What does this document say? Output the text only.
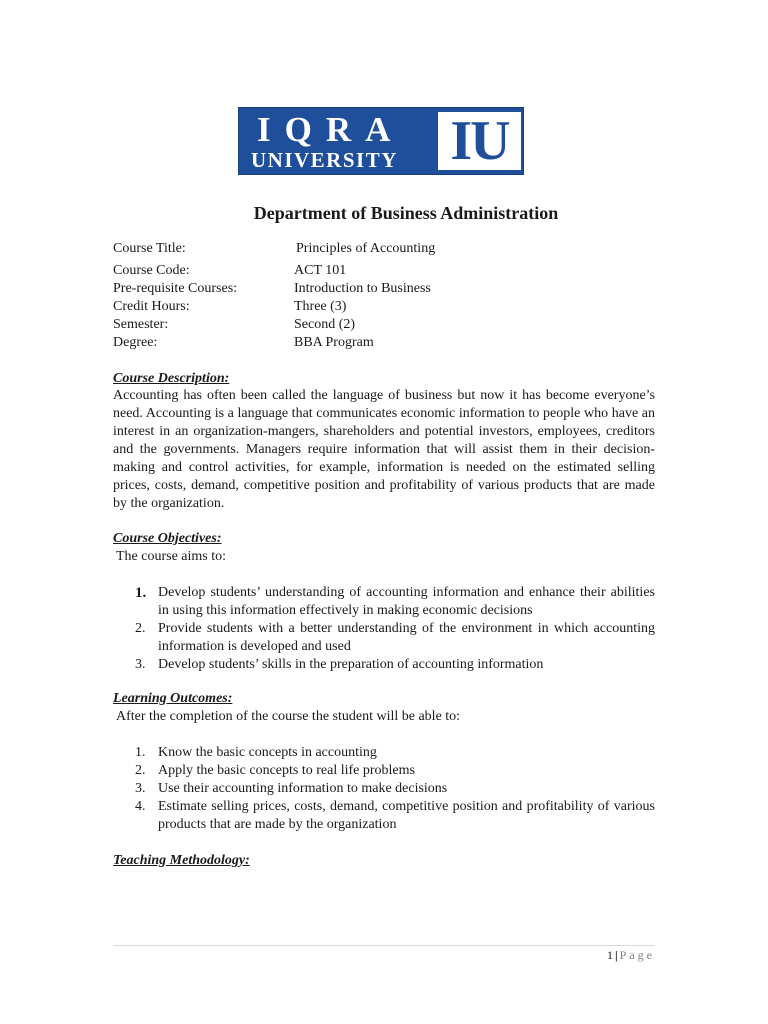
IQRA
UNIVERSITY IU
Department of Business Administration
Course Title:	Principles of Accounting
Course Code:	ACT 101
Pre-requisite Courses:	Introduction to Business
Credit Hours:	Three (3)
Semester:	Second (2)
Degree:	BBA Program
Course Description:

Accounting has often been called the language of business but now it has become everyone’s need. Accounting is a language that communicates economic information to people who have an interest in an organization-mangers, shareholders and potential investors, employees, creditors and the governments. Managers require information that will assist them in their decision-making and control activities, for example, information is needed on the estimated selling prices, costs, demand, competitive position and profitability of various products that are made by the organization.

Course Objectives:
The course aims to:
1. Develop students’ understanding of accounting information and enhance their abilities in using this information effectively in making economic decisions
2. Provide students with a better understanding of the environment in which accounting information is developed and used
3. Develop students’ skills in the preparation of accounting information
Learning Outcomes:
After the completion of the course the student will be able to:
1. Know the basic concepts in accounting
2. Apply the basic concepts to real life problems
3. Use their accounting information to make decisions
4. Estimate selling prices, costs, demand, competitive position and profitability of various products that are made by the organization
Teaching Methodology:
1 | Page
